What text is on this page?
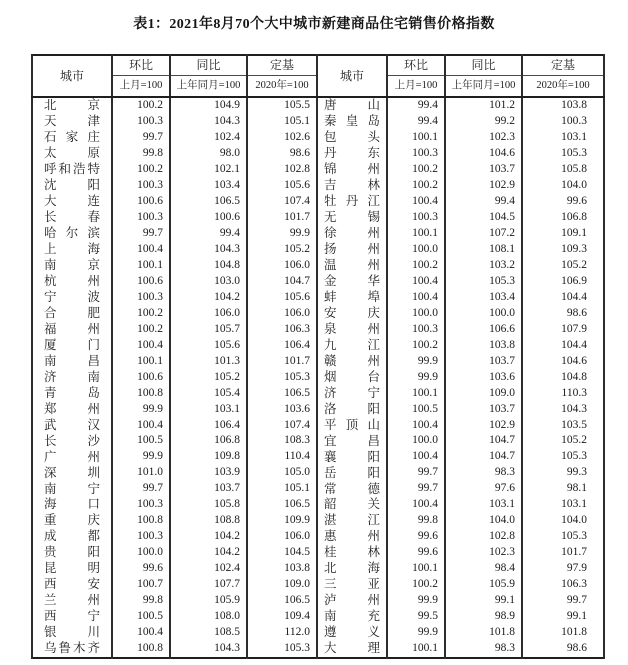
表1：2021年8月70个大中城市新建商品住宅销售价格指数
城市	环比	同比	定基	城市	环比	同比	定基
	上月=100	上年同月=100	2020年=100		上月=100	上年同月=100	2020年=100
北京	100.2	104.9	105.5	唐山	99.4	101.2	103.8
天津	100.3	104.3	105.1	秦皇岛	99.4	99.2	100.3
石家庄	99.7	102.4	102.6	包头	100.1	102.3	103.1
太原	99.8	98.0	98.6	丹东	100.3	104.6	105.3
呼和浩特	100.2	102.1	102.8	锦州	100.2	103.7	105.8
沈阳	100.3	103.4	105.6	吉林	100.2	102.9	104.0
大连	100.6	106.5	107.4	牡丹江	100.4	99.4	99.6
长春	100.3	100.6	101.7	无锡	100.3	104.5	106.8
哈尔滨	99.7	99.4	99.9	徐州	100.1	107.2	109.1
上海	100.4	104.3	105.2	扬州	100.0	108.1	109.3
南京	100.1	104.8	106.0	温州	100.2	103.2	105.2
杭州	100.6	103.0	104.7	金华	100.4	105.3	106.9
宁波	100.3	104.2	105.6	蚌埠	100.4	103.4	104.4
合肥	100.2	106.0	106.0	安庆	100.0	100.0	98.6
福州	100.2	105.7	106.3	泉州	100.3	106.6	107.9
厦门	100.4	105.6	106.4	九江	100.2	103.8	104.4
南昌	100.1	101.3	101.7	赣州	99.9	103.7	104.6
济南	100.6	105.2	105.3	烟台	99.9	103.6	104.8
青岛	100.8	105.4	106.5	济宁	100.1	109.0	110.3
郑州	99.9	103.1	103.6	洛阳	100.5	103.7	104.3
武汉	100.4	106.4	107.4	平顶山	100.4	102.9	103.5
长沙	100.5	106.8	108.3	宜昌	100.0	104.7	105.2
广州	99.9	109.8	110.4	襄阳	100.4	104.7	105.3
深圳	101.0	103.9	105.0	岳阳	99.7	98.3	99.3
南宁	99.7	103.7	105.1	常德	99.7	97.6	98.1
海口	100.3	105.8	106.5	韶关	100.4	103.1	103.1
重庆	100.8	108.8	109.9	湛江	99.8	104.0	104.0
成都	100.3	104.2	106.0	惠州	99.6	102.8	105.3
贵阳	100.0	104.2	104.5	桂林	99.6	102.3	101.7
昆明	99.6	102.4	103.8	北海	100.1	98.4	97.9
西安	100.7	107.7	109.0	三亚	100.2	105.9	106.3
兰州	99.8	105.9	106.5	泸州	99.9	99.1	99.7
西宁	100.5	108.0	109.4	南充	99.5	98.9	99.1
银川	100.4	108.5	112.0	遵义	99.9	101.8	101.8
乌鲁木齐	100.8	104.3	105.3	大理	100.1	98.3	98.6
